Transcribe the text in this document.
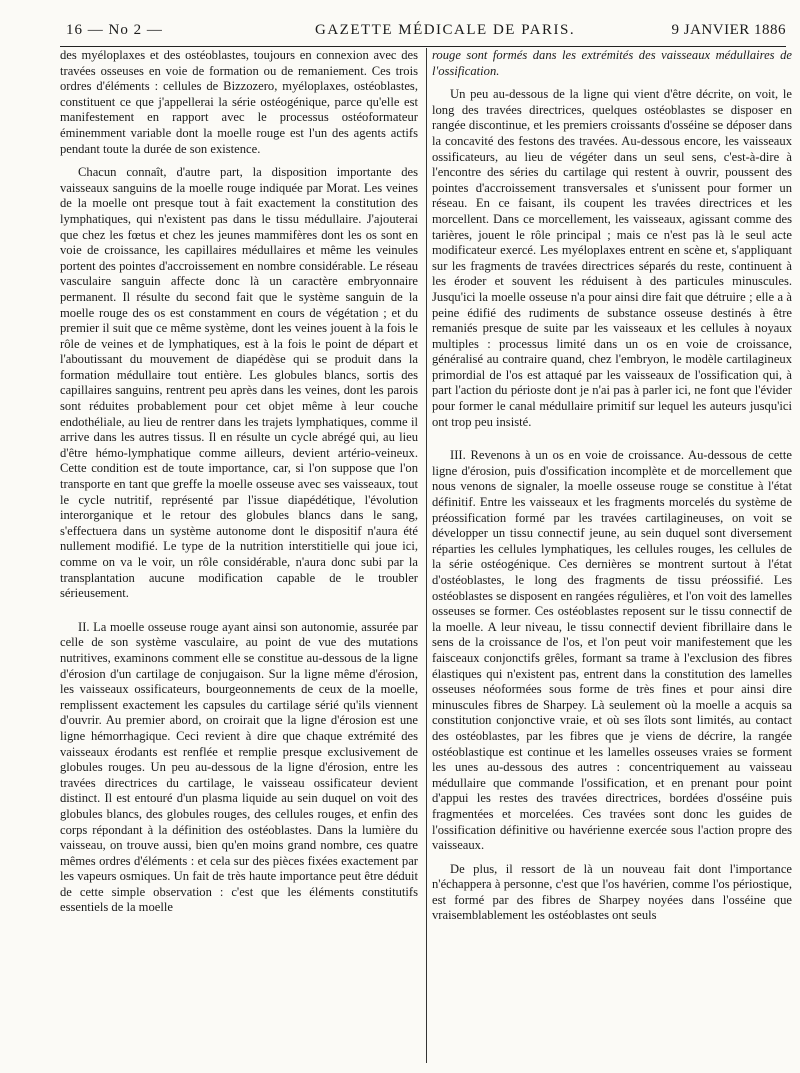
16 — No 2 —	GAZETTE MÉDICALE DE PARIS.	9 JANVIER 1886

des myéloplaxes et des ostéoblastes, toujours en connexion avec des travées osseuses en voie de formation ou de remaniement. Ces trois ordres d'éléments : cellules de Bizzozero, myéloplaxes, ostéoblastes, constituent ce que j'appellerai la série ostéogénique, parce qu'elle est manifestement en rapport avec le processus ostéoformateur éminemment variable dont la moelle rouge est l'un des agents actifs pendant toute la durée de son existence.

Chacun connaît, d'autre part, la disposition importante des vaisseaux sanguins de la moelle rouge indiquée par Morat. Les veines de la moelle ont presque tout à fait exactement la constitution des lymphatiques, qui n'existent pas dans le tissu médullaire. J'ajouterai que chez les fœtus et chez les jeunes mammifères dont les os sont en voie de croissance, les capillaires médullaires et même les veinules portent des pointes d'accroissement en nombre considérable. Le réseau vasculaire sanguin affecte donc là un caractère embryonnaire permanent. Il résulte du second fait que le système sanguin de la moelle rouge des os est constamment en cours de végétation ; et du premier il suit que ce même système, dont les veines jouent à la fois le rôle de veines et de lymphatiques, est à la fois le point de départ et l'aboutissant du mouvement de diapédèse qui se produit dans la formation médullaire tout entière. Les globules blancs, sortis des capillaires sanguins, rentrent peu après dans les veines, dont les parois sont réduites probablement pour cet objet même à leur couche endothéliale, au lieu de rentrer dans les trajets lymphatiques, comme il arrive dans les autres tissus. Il en résulte un cycle abrégé qui, au lieu d'être hémo-lymphatique comme ailleurs, devient artério-veineux. Cette condition est de toute importance, car, si l'on suppose que l'on transporte en tant que greffe la moelle osseuse avec ses vaisseaux, tout le cycle nutritif, représenté par l'issue diapédétique, l'évolution interorganique et le retour des globules blancs dans le sang, s'effectuera dans un système autonome dont le dispositif n'aura été nullement modifié. Le type de la nutrition interstitielle qui joue ici, comme on va le voir, un rôle considérable, n'aura donc subi par la transplantation aucune modification capable de le troubler sérieusement.

II. La moelle osseuse rouge ayant ainsi son autonomie, assurée par celle de son système vasculaire, au point de vue des mutations nutritives, examinons comment elle se constitue au-dessous de la ligne d'érosion d'un cartilage de conjugaison. Sur la ligne même d'érosion, les vaisseaux ossificateurs, bourgeonnements de ceux de la moelle, remplissent exactement les capsules du cartilage sérié qu'ils viennent d'ouvrir. Au premier abord, on croirait que la ligne d'érosion est une ligne hémorrhagique. Ceci revient à dire que chaque extrémité des vaisseaux érodants est renflée et remplie presque exclusivement de globules rouges. Un peu au-dessous de la ligne d'érosion, entre les travées directrices du cartilage, le vaisseau ossificateur devient distinct. Il est entouré d'un plasma liquide au sein duquel on voit des globules blancs, des globules rouges, des cellules rouges, et enfin des corps répondant à la définition des ostéoblastes. Dans la lumière du vaisseau, on trouve aussi, bien qu'en moins grand nombre, ces quatre mêmes ordres d'éléments : et cela sur des pièces fixées exactement par les vapeurs osmiques. Un fait de très haute importance peut être déduit de cette simple observation : c'est que les éléments constitutifs essentiels de la moelle

rouge sont formés dans les extrémités des vaisseaux médullaires de l'ossification.

Un peu au-dessous de la ligne qui vient d'être décrite, on voit, le long des travées directrices, quelques ostéoblastes se disposer en rangée discontinue, et les premiers croissants d'osséine se déposer dans la concavité des festons des travées. Au-dessous encore, les vaisseaux ossificateurs, au lieu de végéter dans un seul sens, c'est-à-dire à l'encontre des séries du cartilage qui restent à ouvrir, poussent des pointes d'accroissement transversales et s'unissent pour former un réseau. En ce faisant, ils coupent les travées directrices et les morcellent. Dans ce morcellement, les vaisseaux, agissant comme des tarières, jouent le rôle principal ; mais ce n'est pas là le seul acte modificateur exercé. Les myéloplaxes entrent en scène et, s'appliquant sur les fragments de travées directrices séparés du reste, continuent à les éroder et souvent les réduisent à des particules minuscules. Jusqu'ici la moelle osseuse n'a pour ainsi dire fait que détruire ; elle a à peine édifié des rudiments de substance osseuse destinés à être remaniés presque de suite par les vaisseaux et les cellules à noyaux multiples : processus limité dans un os en voie de croissance, généralisé au contraire quand, chez l'embryon, le modèle cartilagineux primordial de l'os est attaqué par les vaisseaux de l'ossification qui, à part l'action du périoste dont je n'ai pas à parler ici, ne font que l'évider pour former le canal médullaire primitif sur lequel les auteurs jusqu'ici ont trop peu insisté.

III. Revenons à un os en voie de croissance. Au-dessous de cette ligne d'érosion, puis d'ossification incomplète et de morcellement que nous venons de signaler, la moelle osseuse rouge se constitue à l'état définitif. Entre les vaisseaux et les fragments morcelés du système de préossification formé par les travées cartilagineuses, on voit se développer un tissu connectif jeune, au sein duquel sont diversement réparties les cellules lymphatiques, les cellules rouges, les cellules de la série ostéogénique. Ces dernières se montrent surtout à l'état d'ostéoblastes, le long des fragments de tissu préossifié. Les ostéoblastes se disposent en rangées régulières, et l'on voit des lamelles osseuses se former. Ces ostéoblastes reposent sur le tissu connectif de la moelle. A leur niveau, le tissu connectif devient fibrillaire dans le sens de la croissance de l'os, et l'on peut voir manifestement que les faisceaux conjonctifs grêles, formant sa trame à l'exclusion des fibres élastiques qui n'existent pas, entrent dans la constitution des lamelles osseuses néoformées sous forme de très fines et pour ainsi dire minuscules fibres de Sharpey. Là seulement où la moelle a acquis sa constitution conjonctive vraie, et où ses îlots sont limités, au contact des ostéoblastes, par les fibres que je viens de décrire, la rangée ostéoblastique est continue et les lamelles osseuses vraies se forment les unes au-dessous des autres : concentriquement au vaisseau médullaire que commande l'ossification, et en prenant pour point d'appui les restes des travées directrices, bordées d'osséine puis fragmentées et morcelées. Ces travées sont donc les guides de l'ossification définitive ou havérienne exercée sous l'action propre des vaisseaux.

De plus, il ressort de là un nouveau fait dont l'importance n'échappera à personne, c'est que l'os havérien, comme l'os périostique, est formé par des fibres de Sharpey noyées dans l'osséine que vraisemblablement les ostéoblastes ont seuls
